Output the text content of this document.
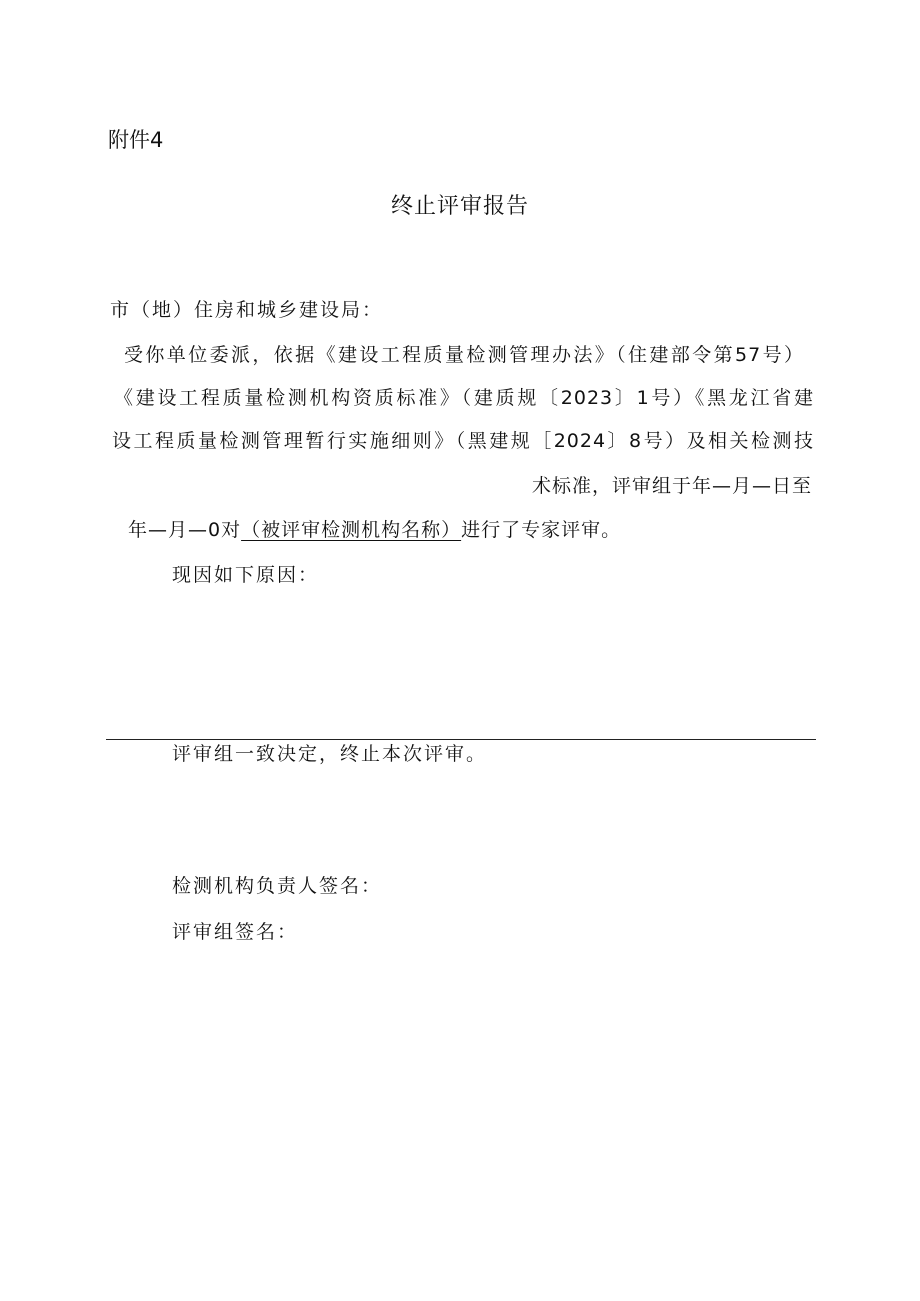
附件4
终止评审报告
市（地）住房和城乡建设局：
受你单位委派，依据《建设工程质量检测管理办法》（住建部令第57号）
《建设工程质量检测机构资质标准》（建质规〔2023〕1号）《黑龙江省建
设工程质量检测管理暂行实施细则》（黑建规［2024〕8号）及相关检测技
术标准，评审组于年—月—日至
年—月—0对（被评审检测机构名称）进行了专家评审。
现因如下原因：
评审组一致决定，终止本次评审。
检测机构负责人签名：
评审组签名：
